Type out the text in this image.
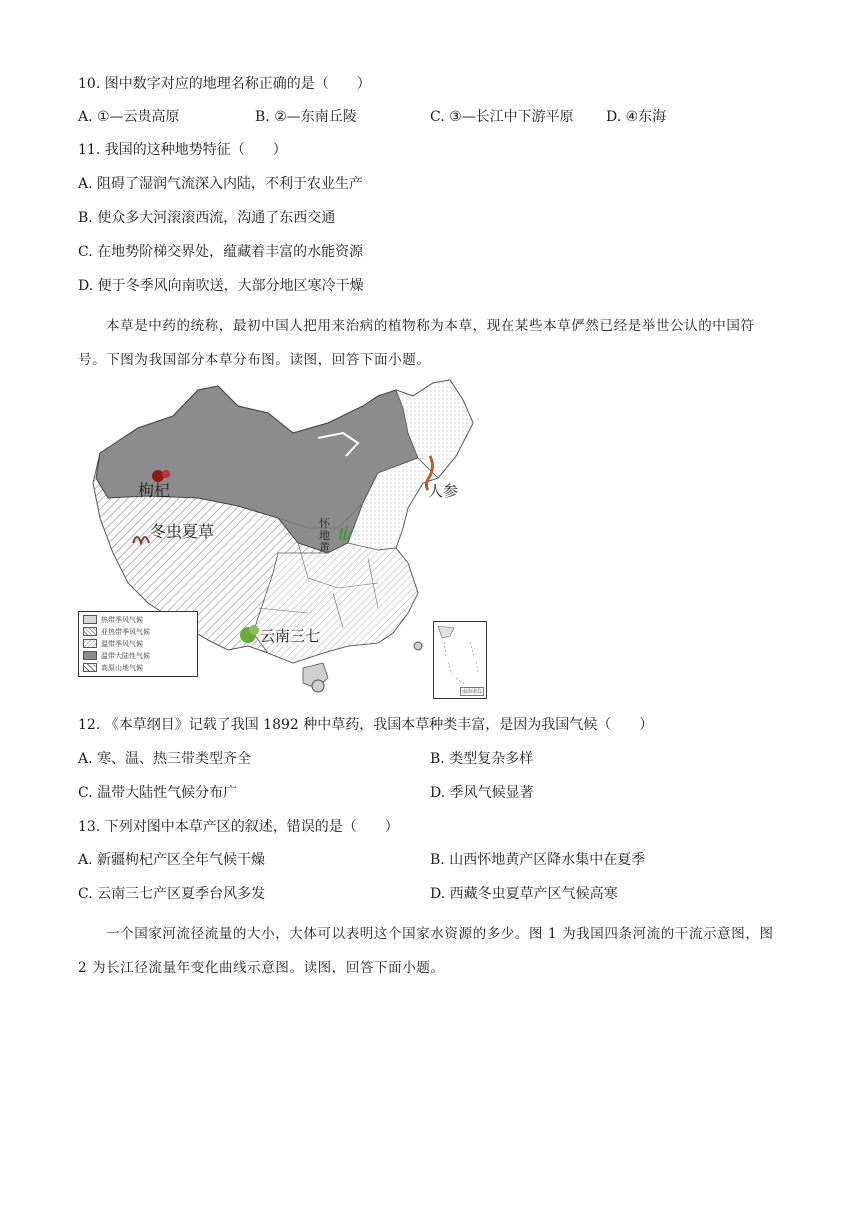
10. 图中数字对应的地理名称正确的是（　　）
A. ①—云贵高原	B. ②—东南丘陵	C. ③—长江中下游平原 D. ④东海
11. 我国的这种地势特征（　　）
A. 阻碍了湿润气流深入内陆，不利于农业生产
B. 使众多大河滚滚西流，沟通了东西交通
C. 在地势阶梯交界处，蕴藏着丰富的水能资源
D. 便于冬季风向南吹送，大部分地区寒冷干燥
本草是中药的统称，最初中国人把用来治病的植物称为本草，现在某些本草俨然已经是举世公认的中国符号。下图为我国部分本草分布图。读图，回答下面小题。
枸杞
冬虫夏草
人参
怀地黄
云南三七
热带季风气候
亚热带季风气候
温带季风气候
温带大陆性气候
高原山地气候
南海诸岛
12. 《本草纲目》记载了我国 1892 种中草药，我国本草种类丰富，是因为我国气候（　　）
A. 寒、温、热三带类型齐全	B. 类型复杂多样
C. 温带大陆性气候分布广	D. 季风气候显著
13. 下列对图中本草产区的叙述，错误的是（　　）
A. 新疆枸杞产区全年气候干燥	B. 山西怀地黄产区降水集中在夏季
C. 云南三七产区夏季台风多发	D. 西藏冬虫夏草产区气候高寒
一个国家河流径流量的大小，大体可以表明这个国家水资源的多少。图 1 为我国四条河流的干流示意图，图 2 为长江径流量年变化曲线示意图。读图，回答下面小题。
